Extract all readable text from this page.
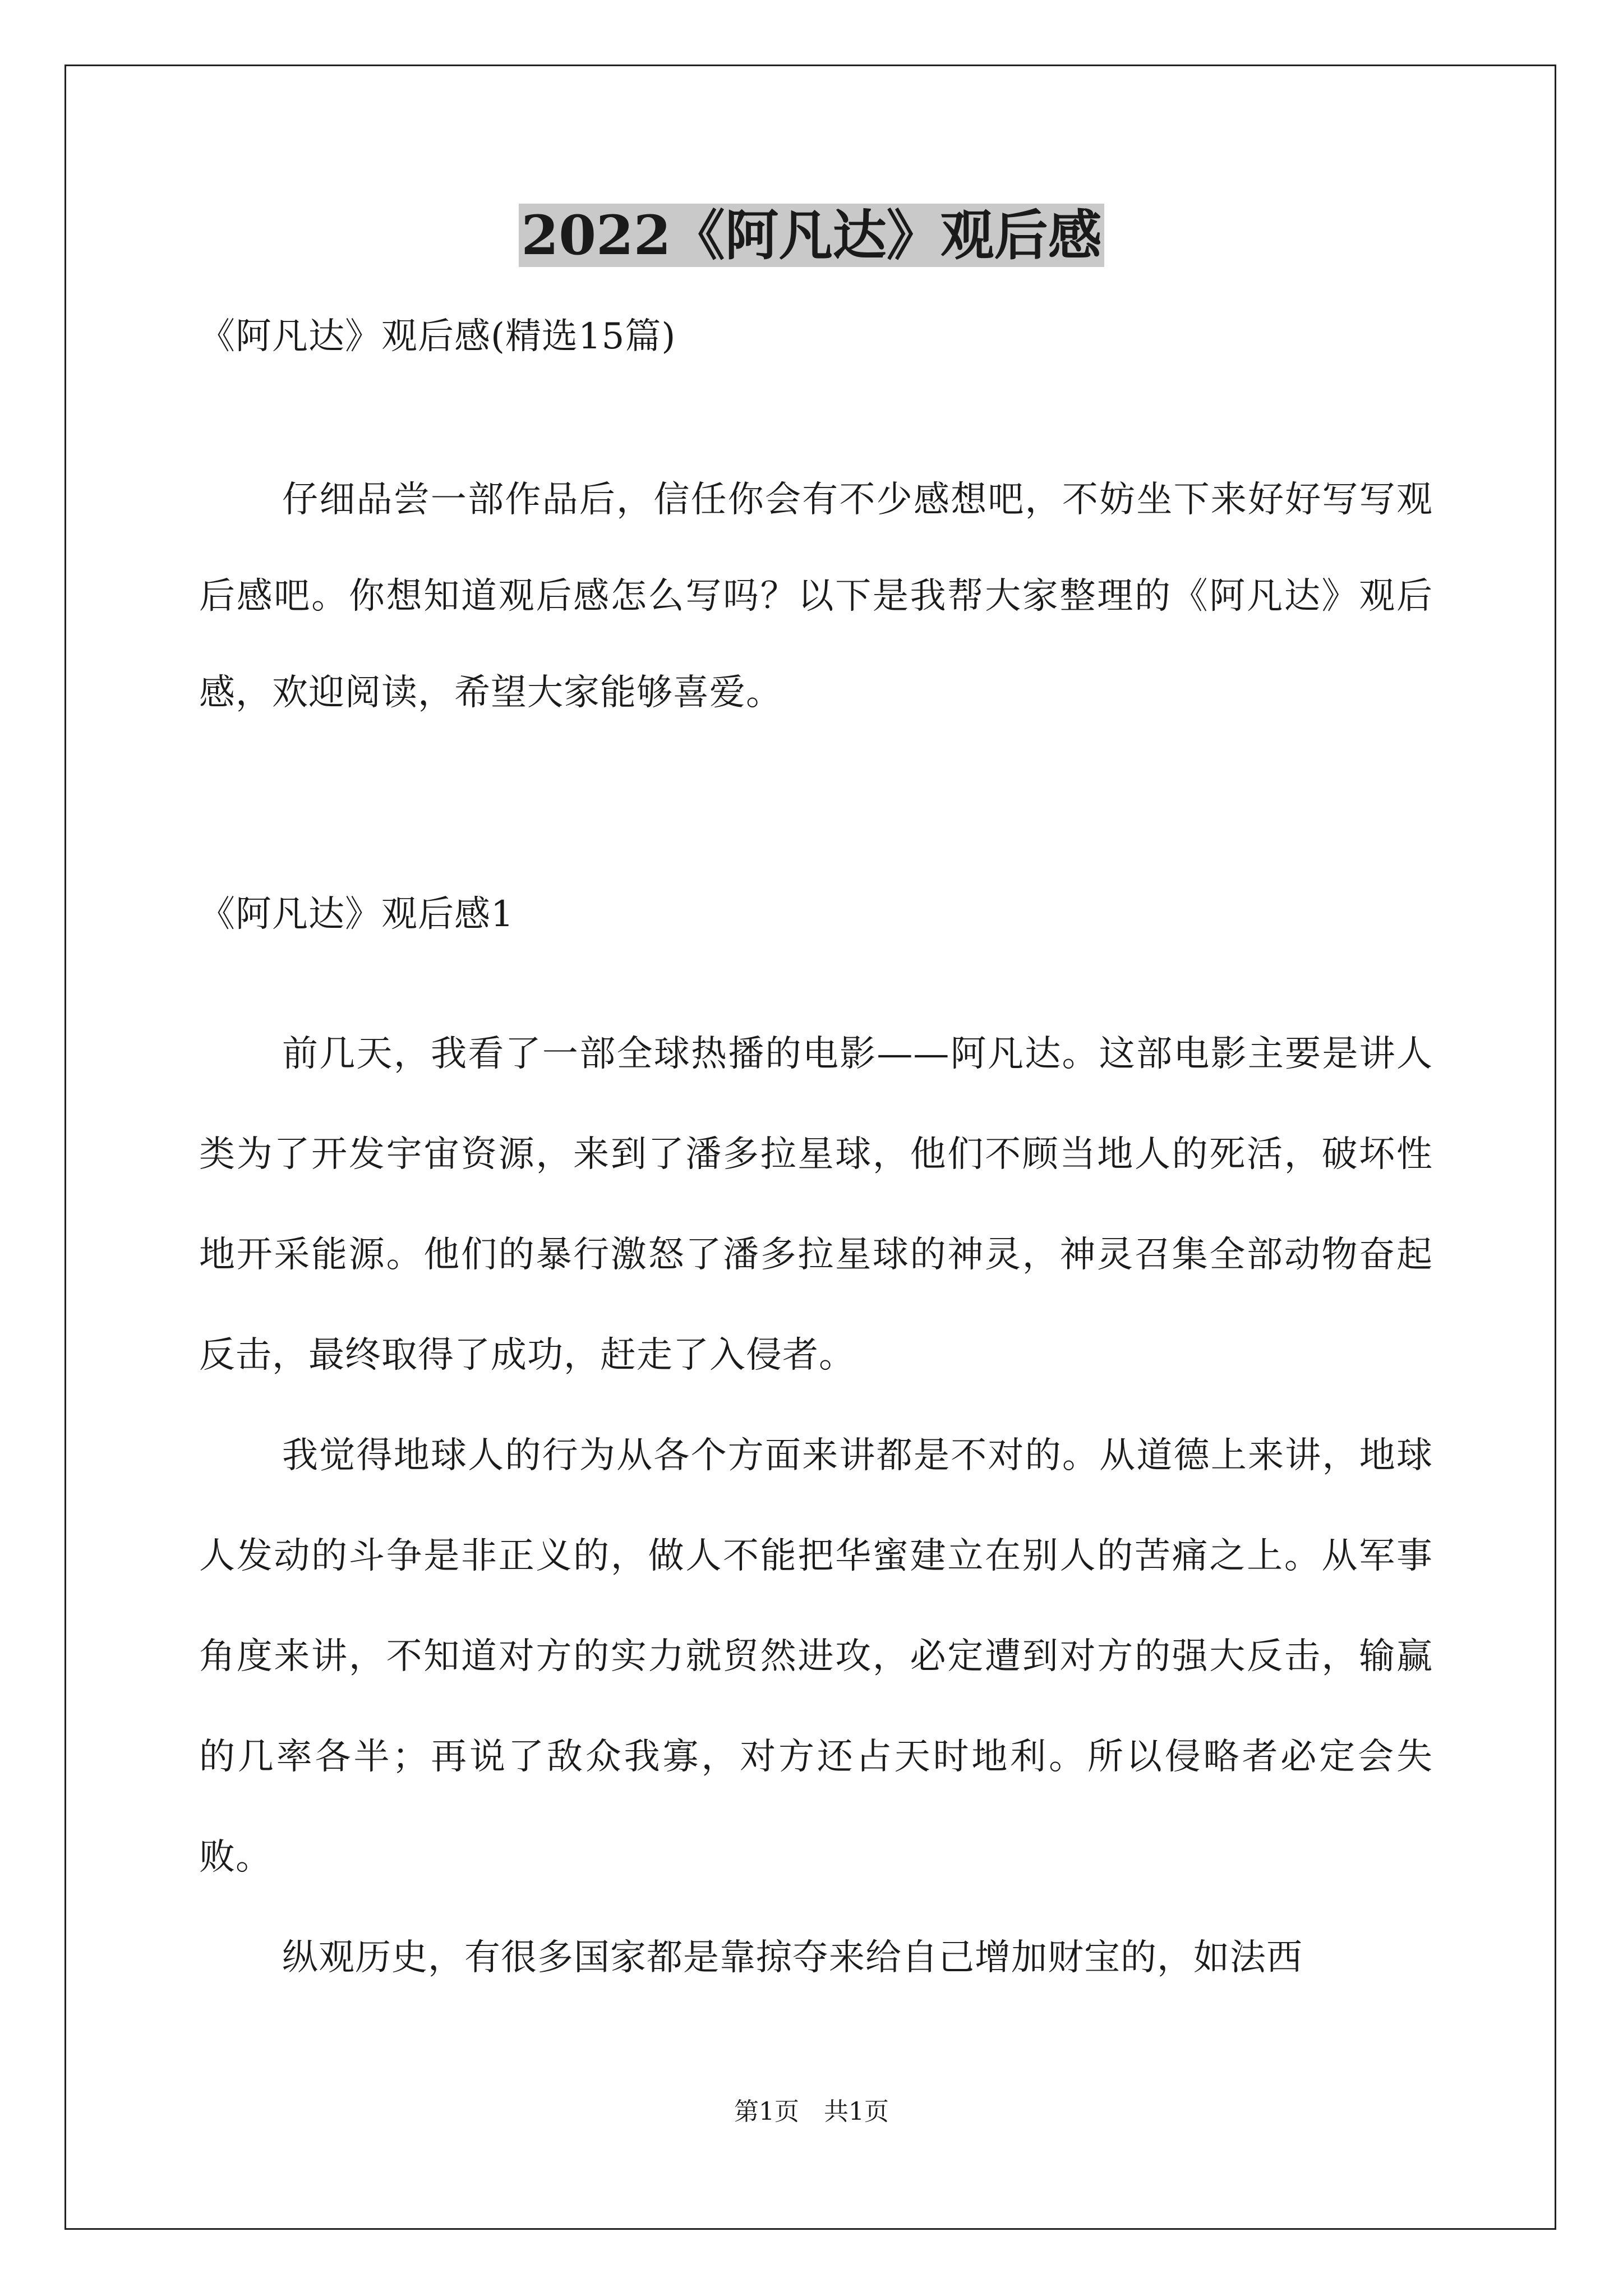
2022《阿凡达》观后感
《阿凡达》观后感(精选15篇)
仔细品尝一部作品后，信任你会有不少感想吧，不妨坐下来好好写写观后感吧。你想知道观后感怎么写吗？以下是我帮大家整理的《阿凡达》观后感，欢迎阅读，希望大家能够喜爱。
《阿凡达》观后感1

前几天，我看了一部全球热播的电影——阿凡达。这部电影主要是讲人类为了开发宇宙资源，来到了潘多拉星球，他们不顾当地人的死活，破坏性地开采能源。他们的暴行激怒了潘多拉星球的神灵，神灵召集全部动物奋起反击，最终取得了成功，赶走了入侵者。

我觉得地球人的行为从各个方面来讲都是不对的。从道德上来讲，地球人发动的斗争是非正义的，做人不能把华蜜建立在别人的苦痛之上。从军事角度来讲，不知道对方的实力就贸然进攻，必定遭到对方的强大反击，输赢的几率各半；再说了敌众我寡，对方还占天时地利。所以侵略者必定会失败。

纵观历史，有很多国家都是靠掠夺来给自己增加财宝的，如法西

第1页　共1页
